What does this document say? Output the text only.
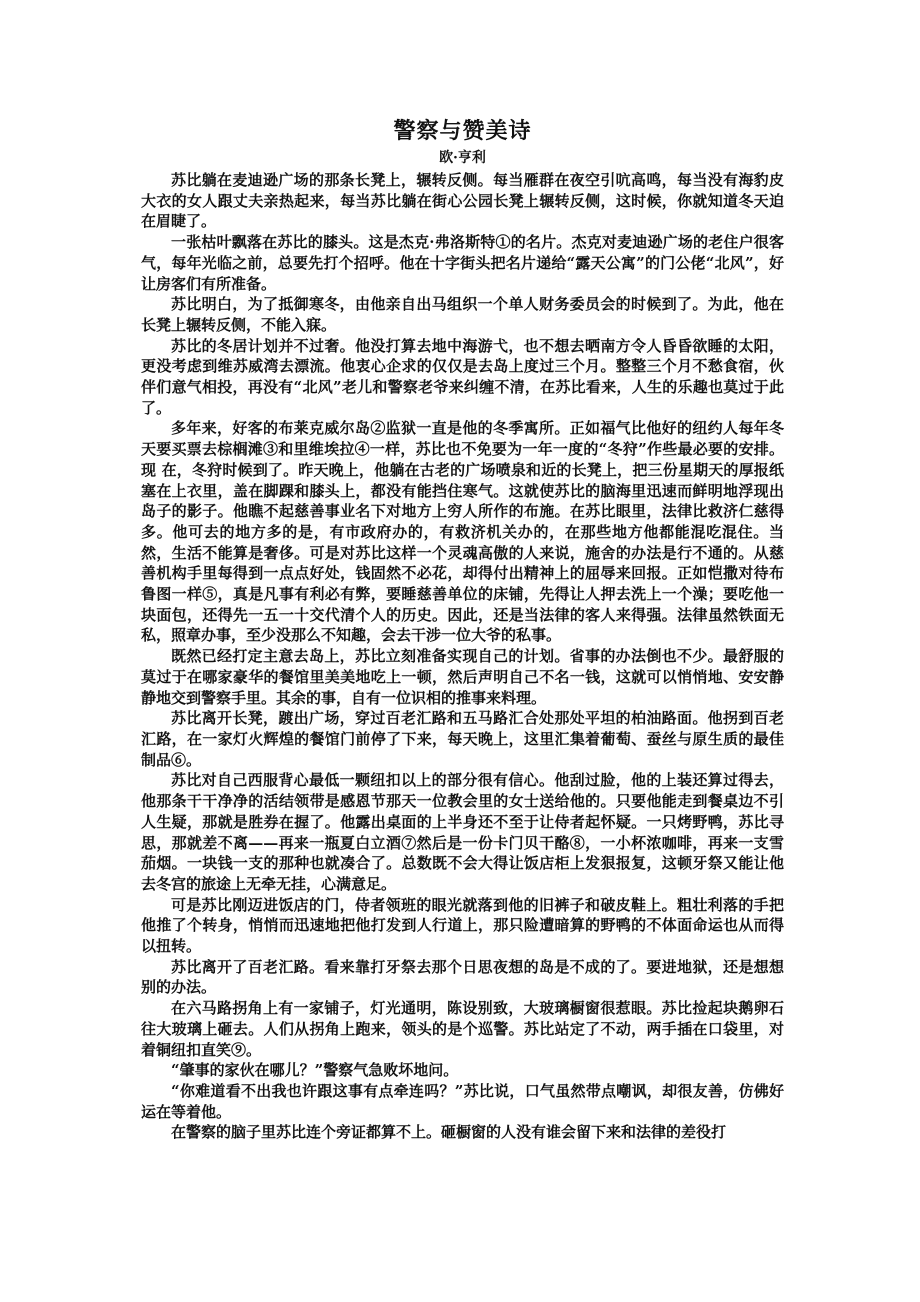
警察与赞美诗
欧·亨利

苏比躺在麦迪逊广场的那条长凳上，辗转反侧。每当雁群在夜空引吭高鸣，每当没有海豹皮大衣的女人跟丈夫亲热起来，每当苏比躺在街心公园长凳上辗转反侧，这时候，你就知道冬天迫在眉睫了。

一张枯叶飘落在苏比的膝头。这是杰克·弗洛斯特①的名片。杰克对麦迪逊广场的老住户很客气，每年光临之前，总要先打个招呼。他在十字街头把名片递给“露天公寓”的门公佬“北风”，好让房客们有所准备。

苏比明白，为了抵御寒冬，由他亲自出马组织一个单人财务委员会的时候到了。为此，他在长凳上辗转反侧，不能入寐。

苏比的冬居计划并不过奢。他没打算去地中海游弋，也不想去晒南方令人昏昏欲睡的太阳，更没考虑到维苏威湾去漂流。他衷心企求的仅仅是去岛上度过三个月。整整三个月不愁食宿，伙伴们意气相投，再没有“北风”老儿和警察老爷来纠缠不清，在苏比看来，人生的乐趣也莫过于此了。

多年来，好客的布莱克威尔岛②监狱一直是他的冬季寓所。正如福气比他好的纽约人每年冬天要买票去棕榈滩③和里维埃拉④一样，苏比也不免要为一年一度的“冬狩”作些最必要的安排。现 在，冬狩时候到了。昨天晚上，他躺在古老的广场喷泉和近的长凳上，把三份星期天的厚报纸塞在上衣里，盖在脚踝和膝头上，都没有能挡住寒气。这就使苏比的脑海里迅速而鲜明地浮现出岛子的影子。他瞧不起慈善事业名下对地方上穷人所作的布施。在苏比眼里，法律比救济仁慈得多。他可去的地方多的是，有市政府办的，有救济机关办的，在那些地方他都能混吃混住。当然，生活不能算是奢侈。可是对苏比这样一个灵魂高傲的人来说，施舍的办法是行不通的。从慈善机构手里每得到一点点好处，钱固然不必花，却得付出精神上的屈辱来回报。正如恺撒对待布鲁图一样⑤，真是凡事有利必有弊，要睡慈善单位的床铺，先得让人押去洗上一个澡；要吃他一块面包，还得先一五一十交代清个人的历史。因此，还是当法律的客人来得强。法律虽然铁面无私，照章办事，至少没那么不知趣，会去干涉一位大爷的私事。

既然已经打定主意去岛上，苏比立刻准备实现自己的计划。省事的办法倒也不少。最舒服的莫过于在哪家豪华的餐馆里美美地吃上一顿，然后声明自己不名一钱，这就可以悄悄地、安安静静地交到警察手里。其余的事，自有一位识相的推事来料理。

苏比离开长凳，踱出广场，穿过百老汇路和五马路汇合处那处平坦的柏油路面。他拐到百老汇路，在一家灯火辉煌的餐馆门前停了下来，每天晚上，这里汇集着葡萄、蚕丝与原生质的最佳制品⑥。

苏比对自己西服背心最低一颗纽扣以上的部分很有信心。他刮过脸，他的上装还算过得去，他那条干干净净的活结领带是感恩节那天一位教会里的女士送给他的。只要他能走到餐桌边不引人生疑，那就是胜券在握了。他露出桌面的上半身还不至于让侍者起怀疑。一只烤野鸭，苏比寻思，那就差不离——再来一瓶夏白立酒⑦然后是一份卡门贝干酪⑧，一小杯浓咖啡，再来一支雪茄烟。一块钱一支的那种也就凑合了。总数既不会大得让饭店柜上发狠报复，这顿牙祭又能让他去冬宫的旅途上无牵无挂，心满意足。

可是苏比刚迈进饭店的门，侍者领班的眼光就落到他的旧裤子和破皮鞋上。粗壮利落的手把他推了个转身，悄悄而迅速地把他打发到人行道上，那只险遭暗算的野鸭的不体面命运也从而得以扭转。

苏比离开了百老汇路。看来靠打牙祭去那个日思夜想的岛是不成的了。要进地狱，还是想想别的办法。

在六马路拐角上有一家铺子，灯光通明，陈设别致，大玻璃橱窗很惹眼。苏比捡起块鹅卵石往大玻璃上砸去。人们从拐角上跑来，领头的是个巡警。苏比站定了不动，两手插在口袋里，对着铜纽扣直笑⑨。

“肇事的家伙在哪儿？”警察气急败坏地问。

“你难道看不出我也许跟这事有点牵连吗？”苏比说，口气虽然带点嘲讽，却很友善，仿佛好运在等着他。

在警察的脑子里苏比连个旁证都算不上。砸橱窗的人没有谁会留下来和法律的差役打
